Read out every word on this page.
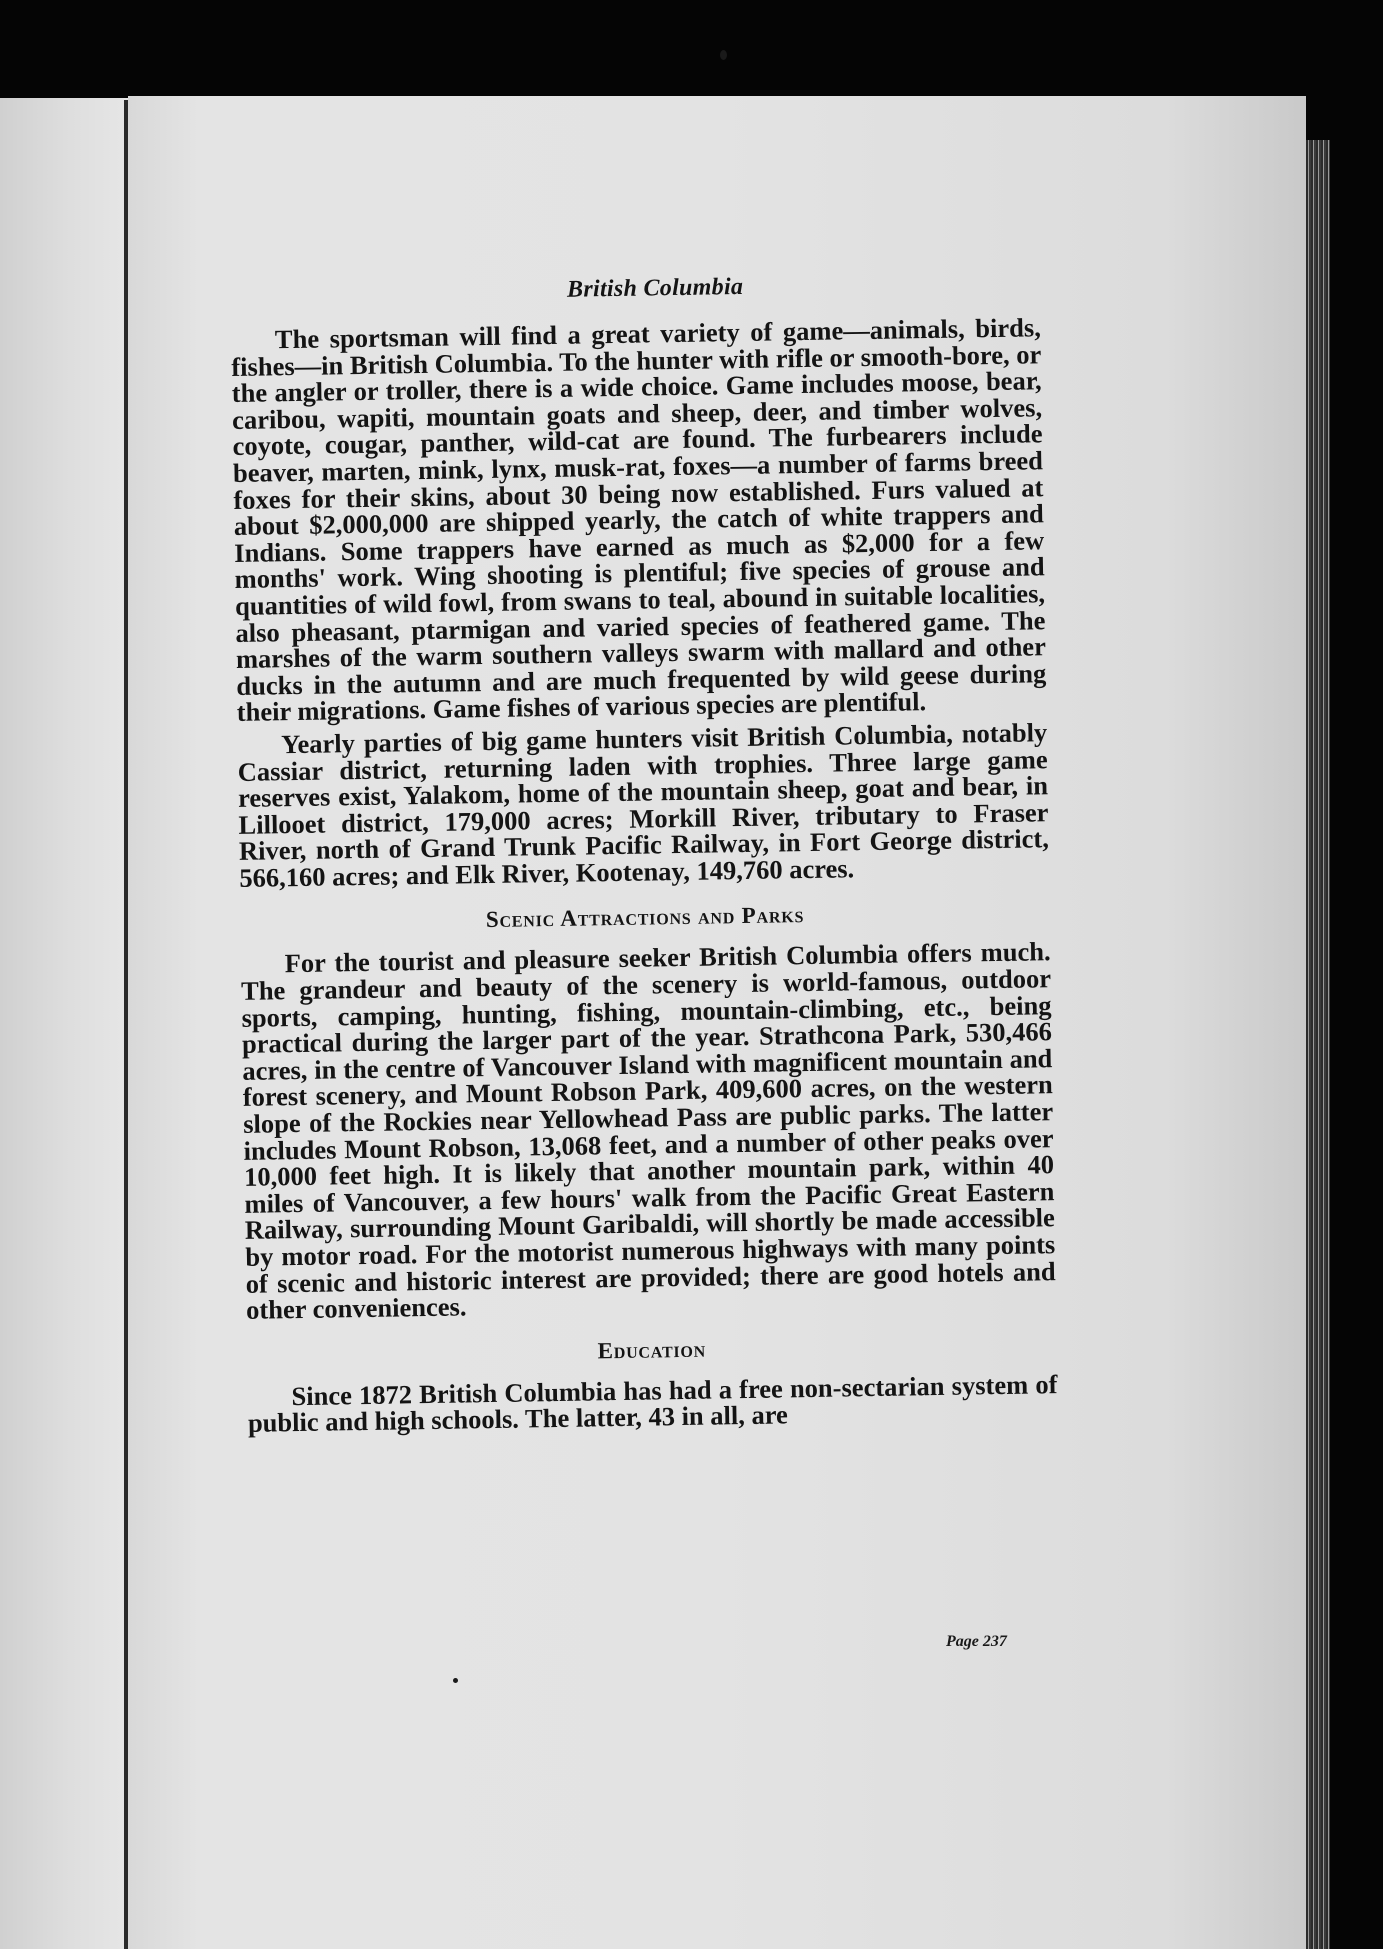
British Columbia

The sportsman will find a great variety of game—animals, birds, fishes—in British Columbia. To the hunter with rifle or smooth-bore, or the angler or troller, there is a wide choice. Game includes moose, bear, caribou, wapiti, mountain goats and sheep, deer, and timber wolves, coyote, cougar, panther, wild-cat are found. The furbearers include beaver, marten, mink, lynx, musk-rat, foxes—a number of farms breed foxes for their skins, about 30 being now established. Furs valued at about $2,000,000 are shipped yearly, the catch of white trappers and Indians. Some trappers have earned as much as $2,000 for a few months' work. Wing shooting is plentiful; five species of grouse and quantities of wild fowl, from swans to teal, abound in suitable localities, also pheasant, ptarmigan and varied species of feathered game. The marshes of the warm southern valleys swarm with mallard and other ducks in the autumn and are much frequented by wild geese during their migrations. Game fishes of various species are plentiful.

Yearly parties of big game hunters visit British Columbia, notably Cassiar district, returning laden with trophies. Three large game reserves exist, Yalakom, home of the mountain sheep, goat and bear, in Lillooet district, 179,000 acres; Morkill River, tributary to Fraser River, north of Grand Trunk Pacific Railway, in Fort George district, 566,160 acres; and Elk River, Kootenay, 149,760 acres.

Scenic Attractions and Parks

For the tourist and pleasure seeker British Columbia offers much. The grandeur and beauty of the scenery is world-famous, outdoor sports, camping, hunting, fishing, mountain-climbing, etc., being practical during the larger part of the year. Strathcona Park, 530,466 acres, in the centre of Vancouver Island with magnificent mountain and forest scenery, and Mount Robson Park, 409,600 acres, on the western slope of the Rockies near Yellowhead Pass are public parks. The latter includes Mount Robson, 13,068 feet, and a number of other peaks over 10,000 feet high. It is likely that another mountain park, within 40 miles of Vancouver, a few hours' walk from the Pacific Great Eastern Railway, surrounding Mount Garibaldi, will shortly be made accessible by motor road. For the motorist numerous highways with many points of scenic and historic interest are provided; there are good hotels and other conveniences.

Education

Since 1872 British Columbia has had a free non-sectarian system of public and high schools. The latter, 43 in all, are

Page 237
